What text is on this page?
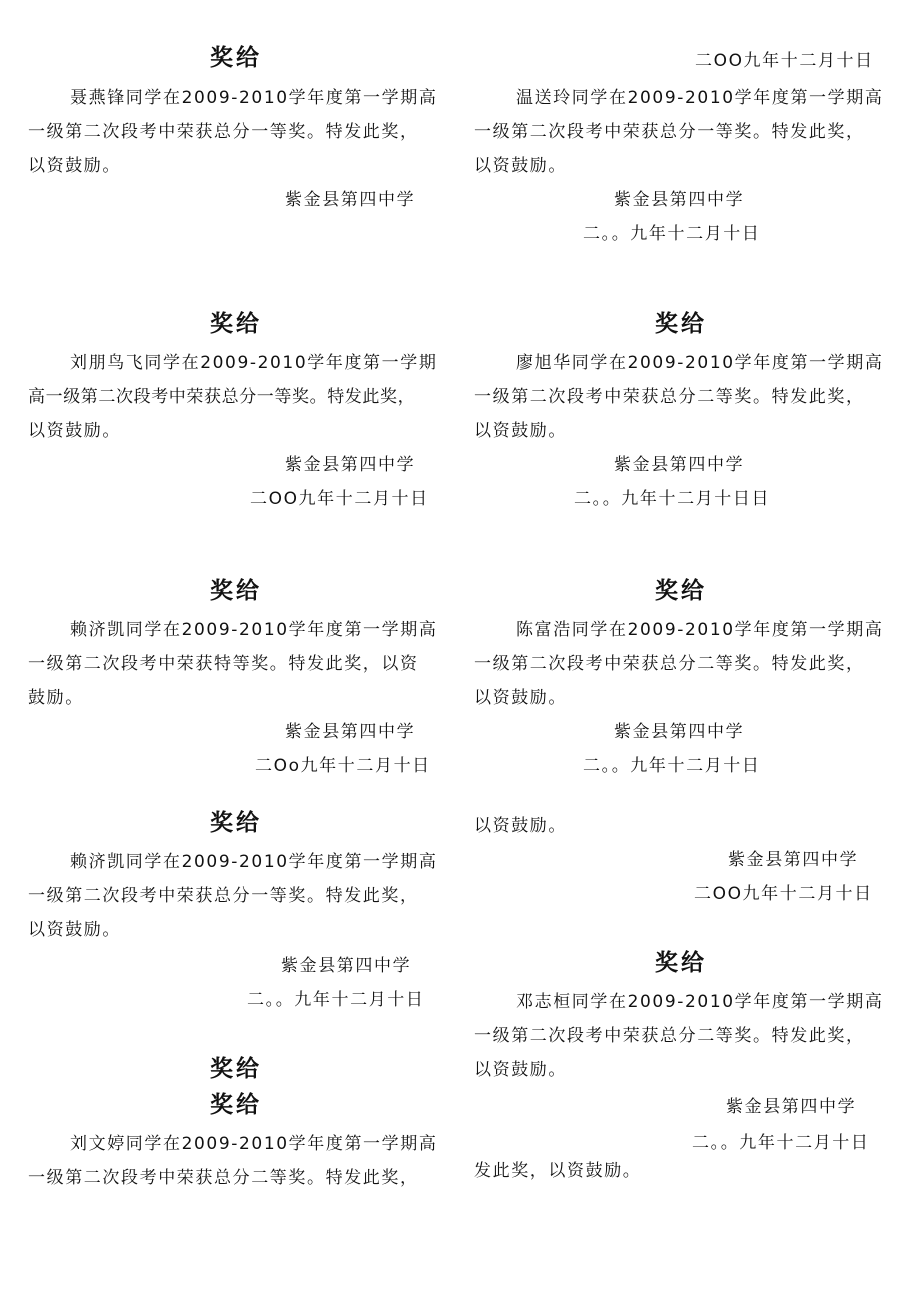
奖给
聂燕锋同学在2009-2010学年度第一学期高
一级第二次段考中荣获总分一等奖。特发此奖，
以资鼓励。
紫金县第四中学
奖给
刘朋鸟飞同学在2009-2010学年度第一学期
高一级第二次段考中荣获总分一等奖。特发此奖，
以资鼓励。
紫金县第四中学
二OO九年十二月十日
奖给
赖济凯同学在2009-2010学年度第一学期高
一级第二次段考中荣获特等奖。特发此奖，以资
鼓励。
紫金县第四中学
二Oo九年十二月十日
奖给
赖济凯同学在2009-2010学年度第一学期高
一级第二次段考中荣获总分一等奖。特发此奖，
以资鼓励。
紫金县第四中学
二。。九年十二月十日
奖给
奖给
刘文婷同学在2009-2010学年度第一学期高
一级第二次段考中荣获总分二等奖。特发此奖，
二OO九年十二月十日
温送玲同学在2009-2010学年度第一学期高
一级第二次段考中荣获总分一等奖。特发此奖，
以资鼓励。
紫金县第四中学
二。。九年十二月十日
奖给
廖旭华同学在2009-2010学年度第一学期高
一级第二次段考中荣获总分二等奖。特发此奖，
以资鼓励。
紫金县第四中学
二。。九年十二月十日日
奖给
陈富浩同学在2009-2010学年度第一学期高
一级第二次段考中荣获总分二等奖。特发此奖，
以资鼓励。
紫金县第四中学
二。。九年十二月十日
以资鼓励。
紫金县第四中学
二OO九年十二月十日
奖给
邓志桓同学在2009-2010学年度第一学期高
一级第二次段考中荣获总分二等奖。特发此奖，
以资鼓励。
紫金县第四中学
二。。九年十二月十日
发此奖，以资鼓励。
